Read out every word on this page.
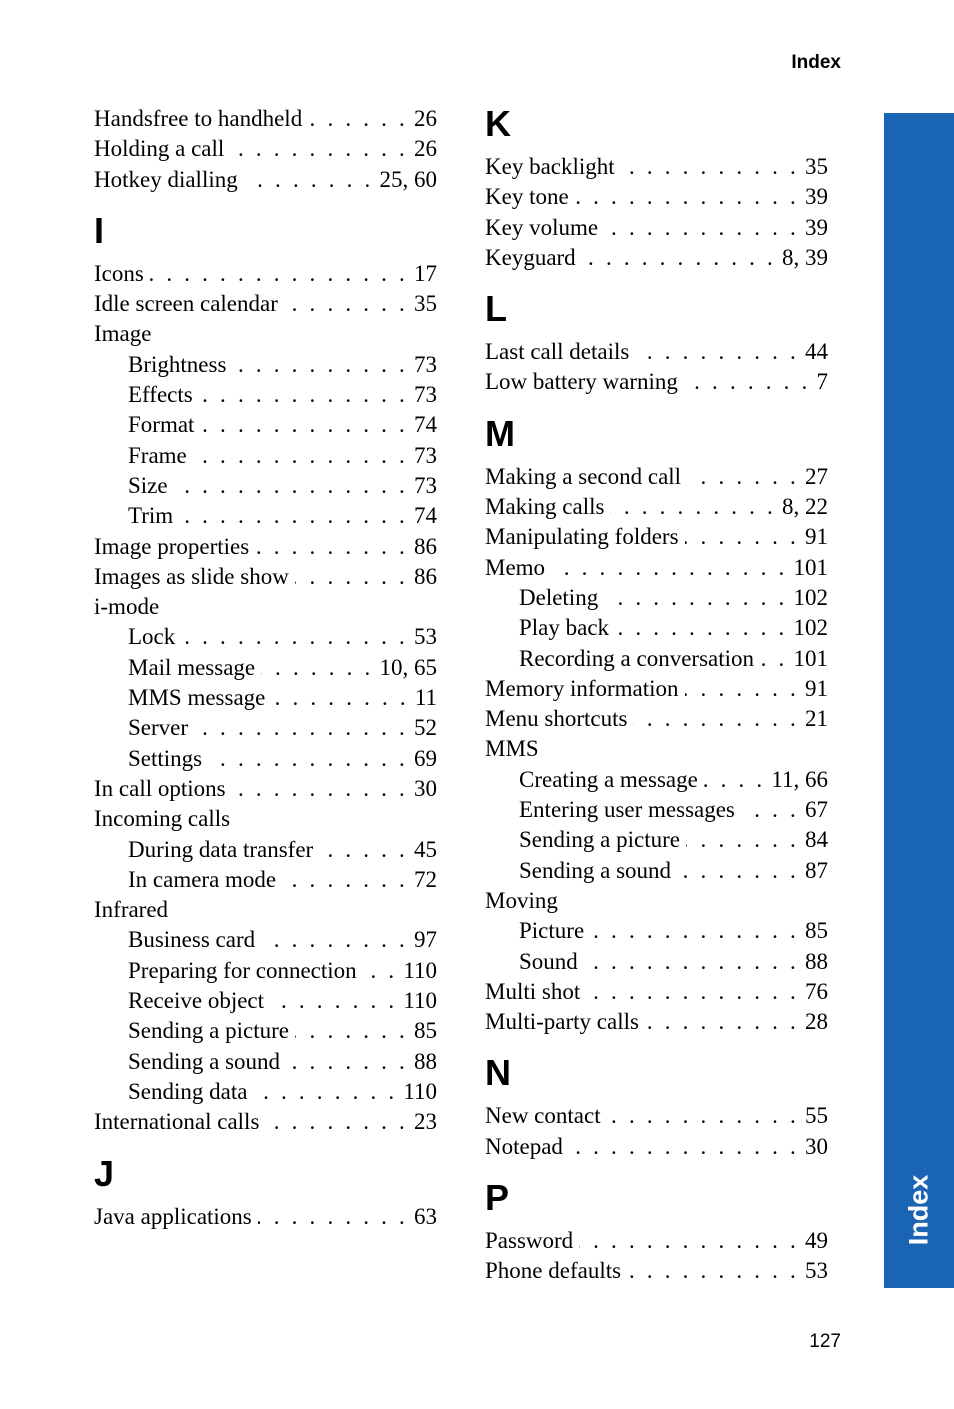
Index
Index
Handsfree to handheld . . .	26
Holding a call . . .	26
Hotkey dialling . . .	25, 60
I
Icons . . .	17
Idle screen calendar . . .	35
Image
Brightness . . .	73
Effects . . .	73
Format . . .	74
Frame . . .	73
Size . . .	73
Trim . . .	74
Image properties . . .	86
Images as slide show . . .	86
i-mode
Lock . . .	53
Mail message . . .	10, 65
MMS message . . .	11
Server . . .	52
Settings . . .	69
In call options . . .	30
Incoming calls
During data transfer . . .	45
In camera mode . . .	72
Infrared
Business card . . .	97
Preparing for connection . . . 110
Receive object . . .	110
Sending a picture . . .	85
Sending a sound . . .	88
Sending data . . .	110
International calls . . .	23
J
Java applications . . .	63
K
Key backlight . . .	35
Key tone . . .	39
Key volume . . .	39
Keyguard . . .	8, 39
L
Last call details . . .	44
Low battery warning . . .	7
M
Making a second call . . .	27
Making calls . . .	8, 22
Manipulating folders . . .	91
Memo . . .	101
Deleting . . .	102
Play back . . .	102
Recording a conversation . . . 101
Memory information . . .	91
Menu shortcuts . . .	21
MMS
Creating a message . . .	11, 66
Entering user messages . . .	67
Sending a picture . . .	84
Sending a sound . . .	87
Moving
Picture . . .	85
Sound . . .	88
Multi shot . . .	76
Multi-party calls . . .	28
N
New contact . . .	55
Notepad . . .	30
P
Password . . .	49
Phone defaults . . .	53
127
